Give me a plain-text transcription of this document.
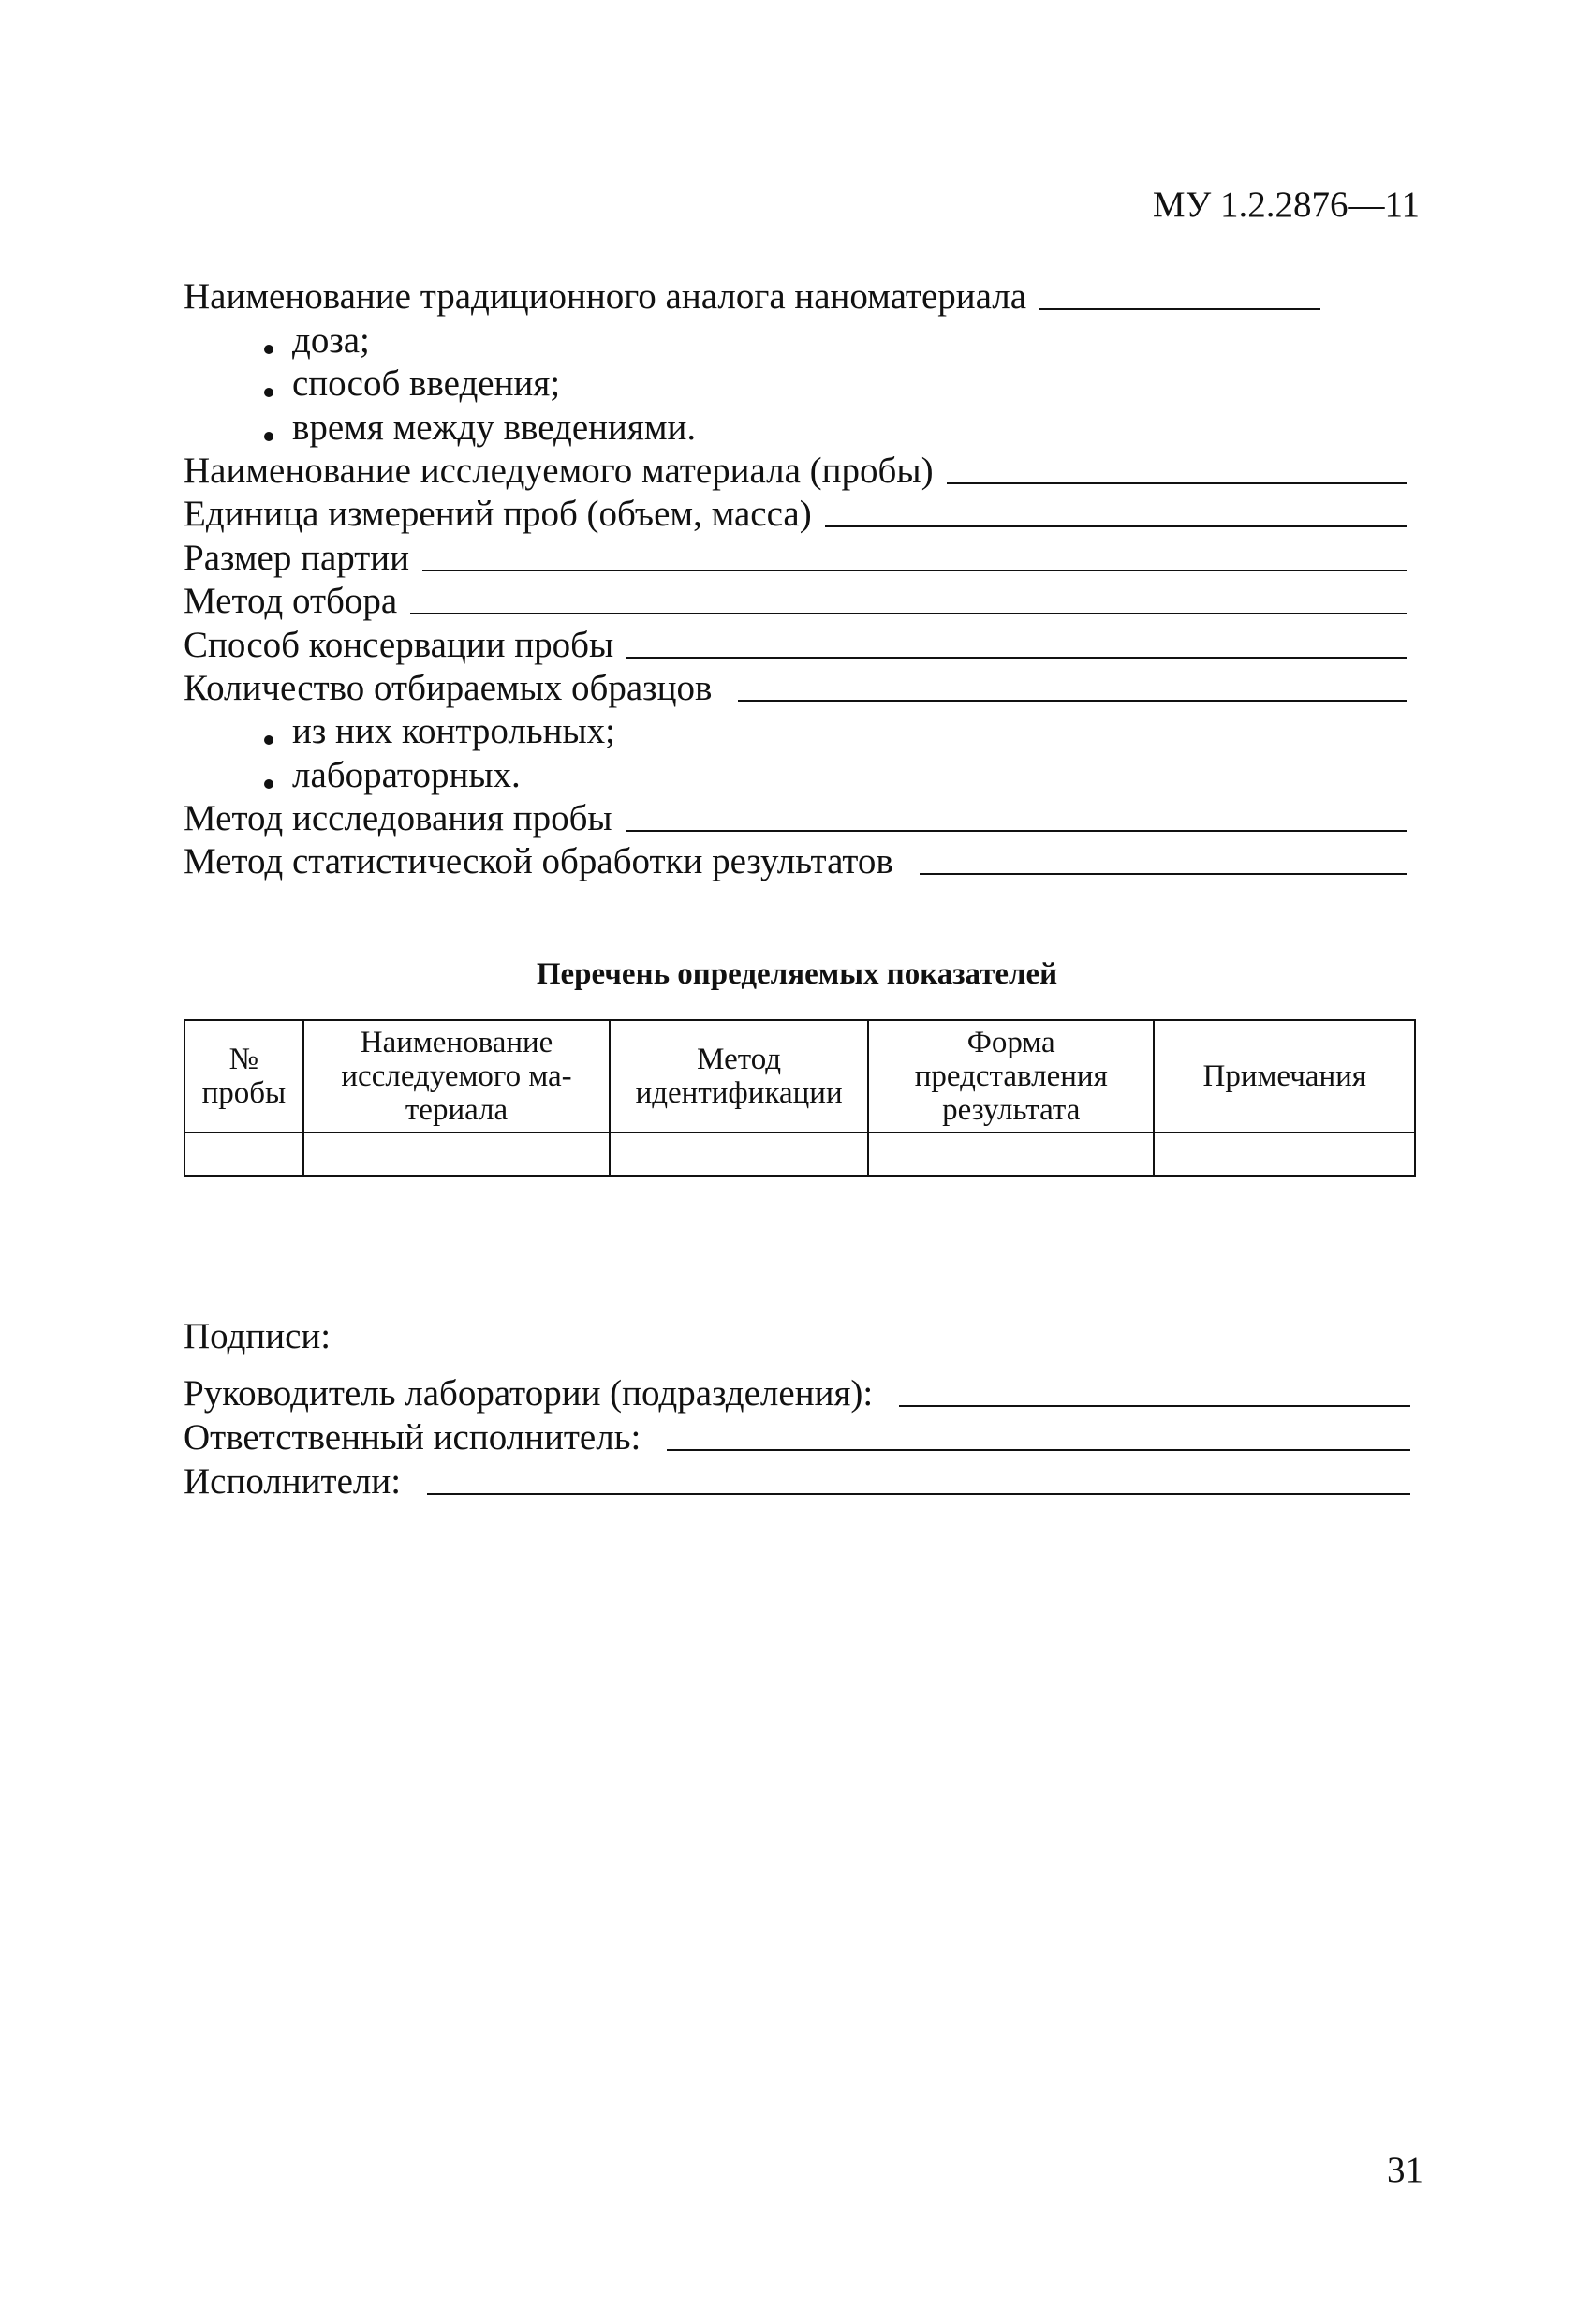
МУ 1.2.2876—11
Наименование традиционного аналога наноматериала
доза;
способ введения;
время между введениями.
Наименование исследуемого материала (пробы)
Единица измерений проб (объем, масса)
Размер партии
Метод отбора
Способ консервации пробы
Количество отбираемых образцов
из них контрольных;
лабораторных.
Метод исследования пробы
Метод статистической обработки результатов
Перечень определяемых показателей
№ пробы	Наименование исследуемого ма-териала	Метод идентификации	Форма представления результата	Примечания

Подписи:
Руководитель лаборатории (подразделения):
Ответственный исполнитель:
Исполнители:
31
